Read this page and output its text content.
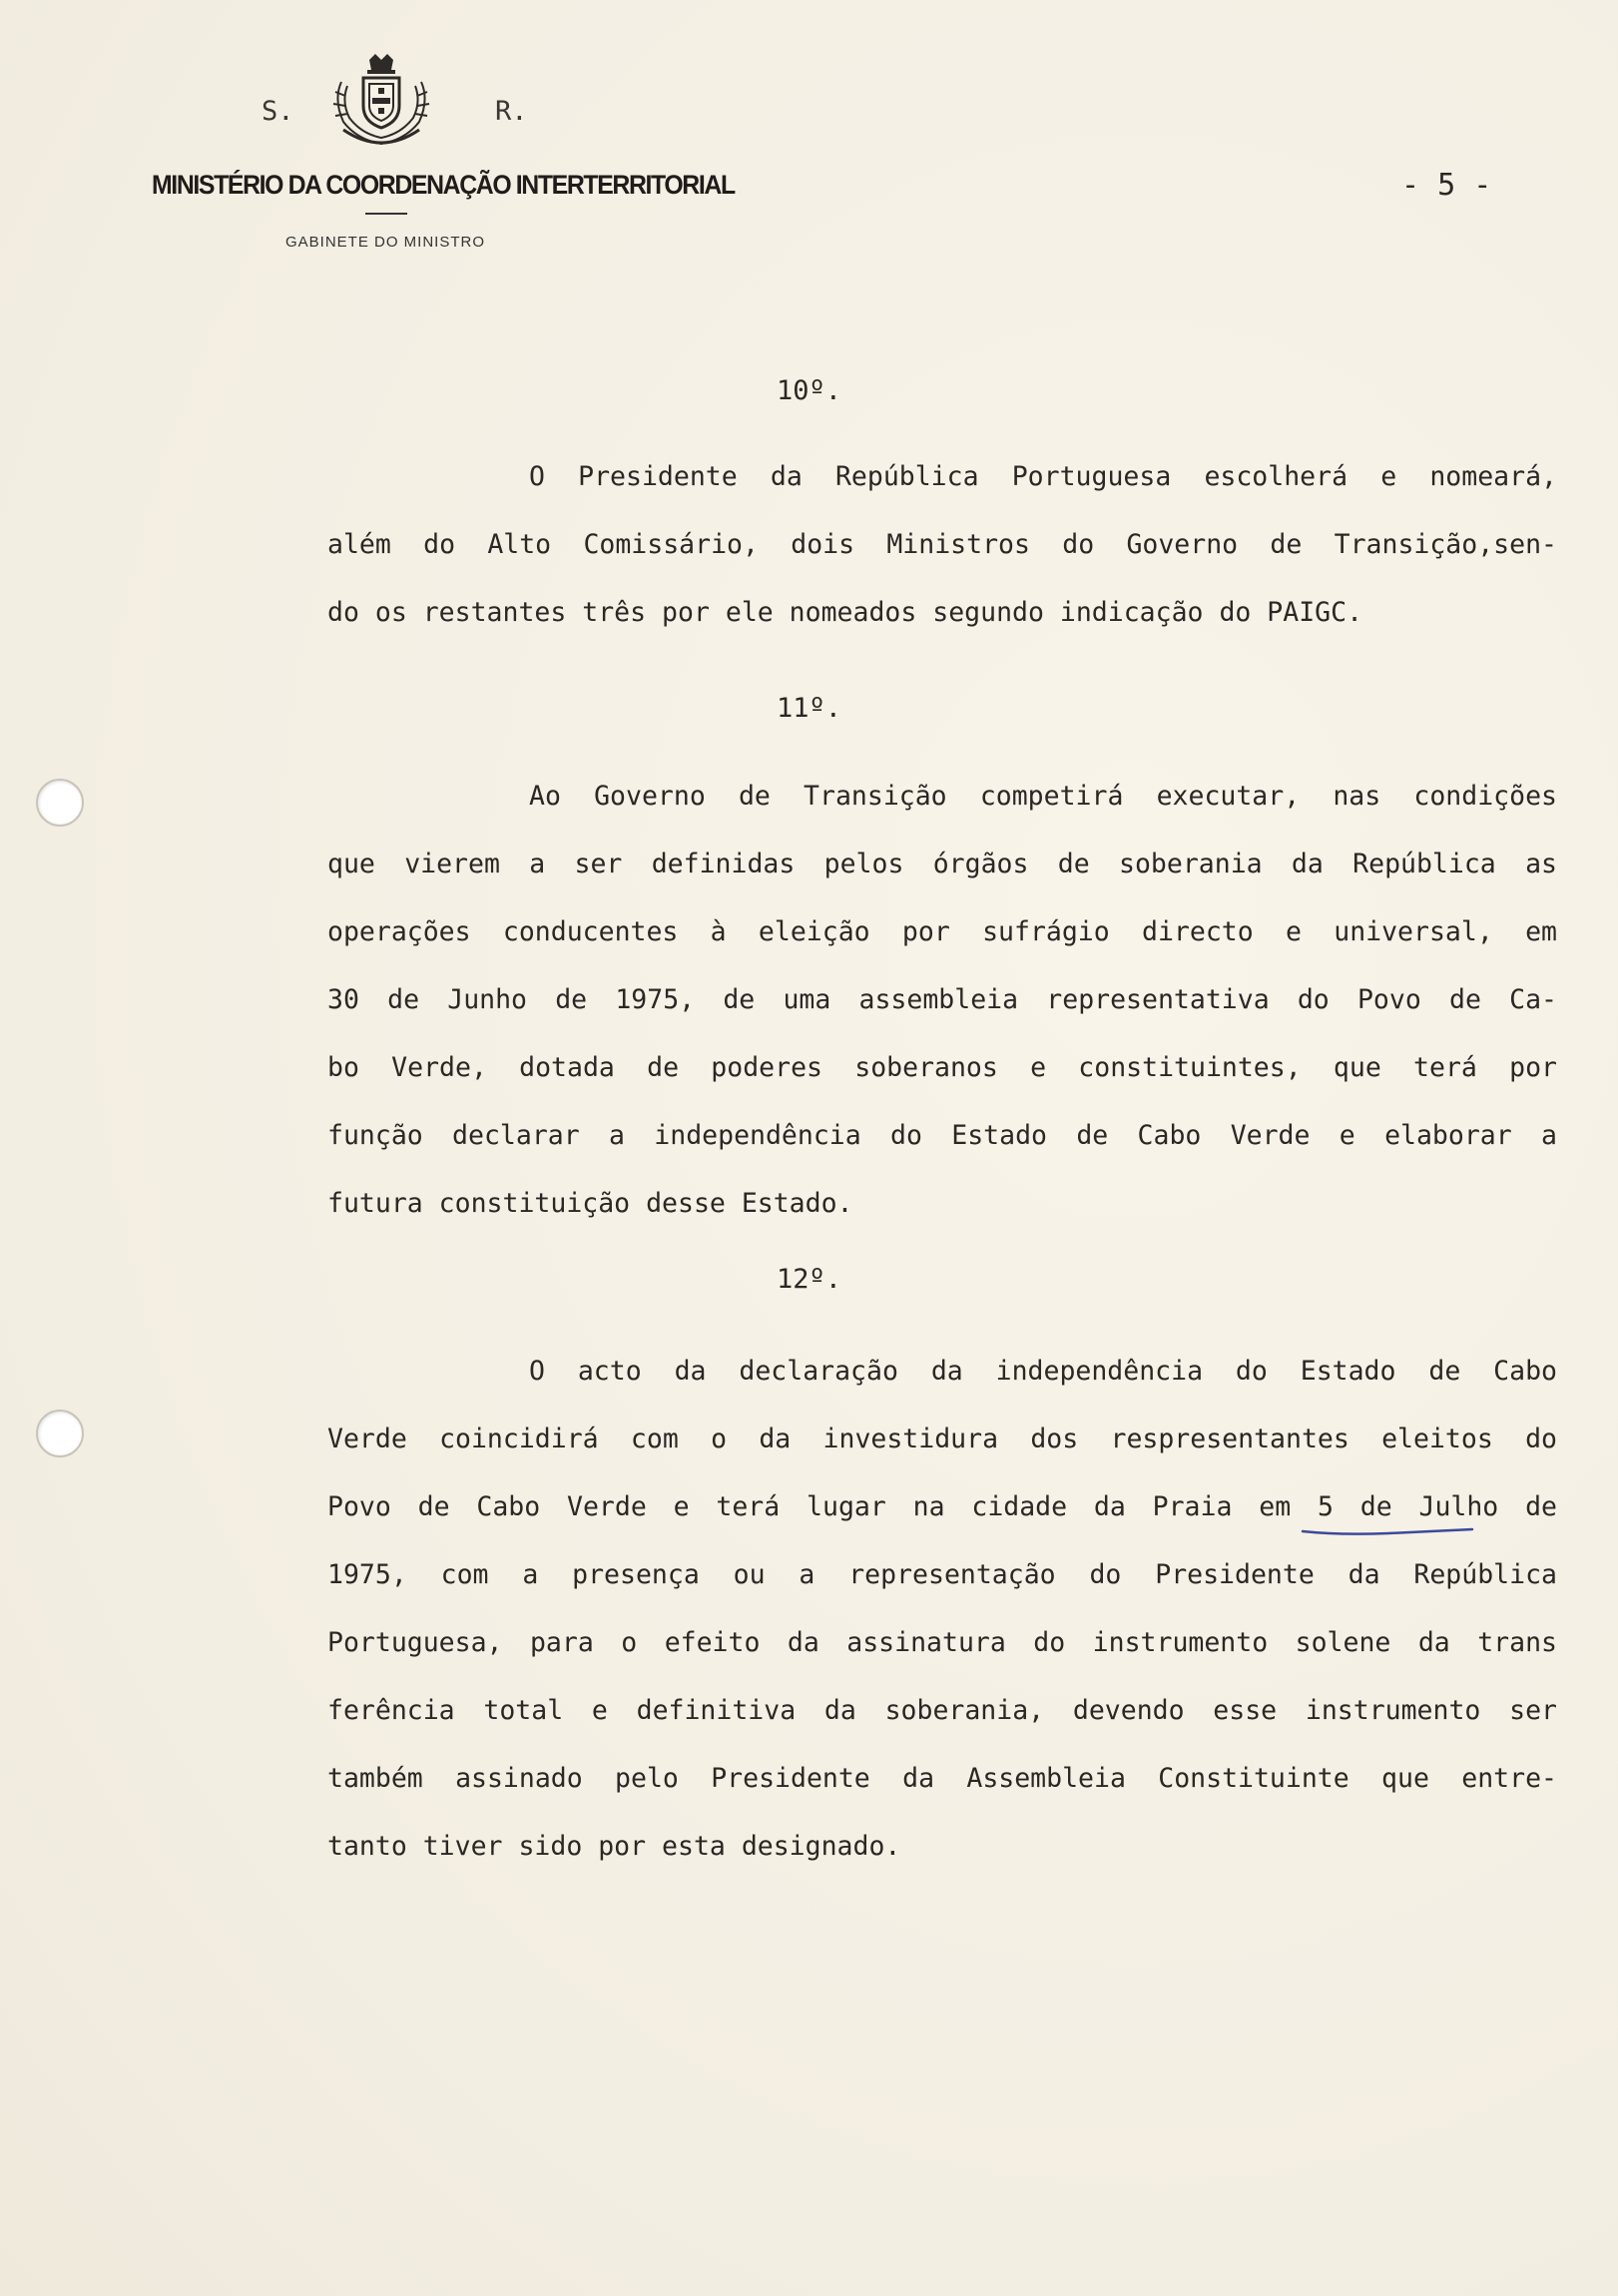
S.	R.
MINISTÉRIO DA COORDENAÇÃO INTERTERRITORIAL
GABINETE DO MINISTRO
- 5 -
10º.
O Presidente da República Portuguesa escolherá e nomeará,
além do Alto Comissário, dois Ministros do Governo de Transição,sen-
do os restantes três por ele nomeados segundo indicação do PAIGC.
11º.
Ao Governo de Transição competirá executar, nas condições
que vierem a ser definidas pelos órgãos de soberania da República as
operações conducentes à eleição por sufrágio directo e universal, em
30 de Junho de 1975, de uma assembleia representativa do Povo de Ca-
bo Verde, dotada de poderes soberanos e constituintes, que terá por
função declarar a independência do Estado de Cabo Verde e elaborar a
futura constituição desse Estado.
12º.
O acto da declaração da independência do Estado de Cabo
Verde coincidirá com o da investidura dos respresentantes eleitos do
Povo de Cabo Verde e terá lugar na cidade da Praia em 5 de Julho de
1975, com a presença ou a representação do Presidente da República
Portuguesa, para o efeito da assinatura do instrumento solene da trans
ferência total e definitiva da soberania, devendo esse instrumento ser
também assinado pelo Presidente da Assembleia Constituinte que entre-
tanto tiver sido por esta designado.
